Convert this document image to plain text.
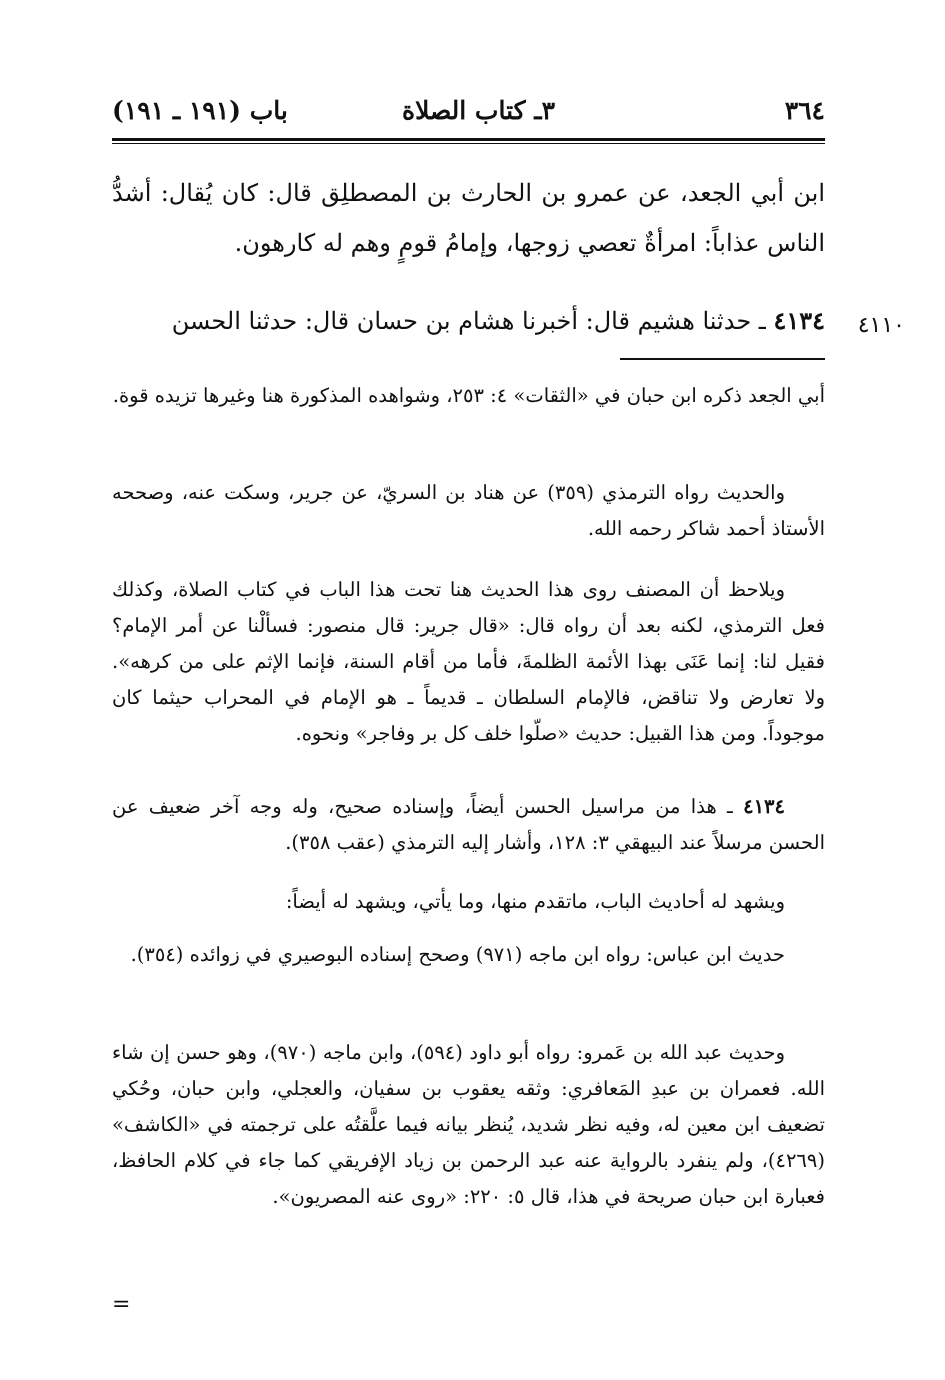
٣٦٤
٣ـ كتاب الصلاة
باب (١٩١ ـ ١٩١)
ابن أبي الجعد، عن عمرو بن الحارث بن المصطلِق قال: كان يُقال: أشدُّ الناس عذاباً: امرأةٌ تعصي زوجها، وإمامُ قومٍ وهم له كارهون.
٤١٣٤ ـ حدثنا هشيم قال: أخبرنا هشام بن حسان قال: حدثنا الحسن	٤١١٠
أبي الجعد ذكره ابن حبان في «الثقات» ٤: ٢٥٣، وشواهده المذكورة هنا وغيرها تزيده قوة.
والحديث رواه الترمذي (٣٥٩) عن هناد بن السريّ، عن جرير، وسكت عنه، وصححه الأستاذ أحمد شاكر رحمه الله.
ويلاحظ أن المصنف روى هذا الحديث هنا تحت هذا الباب في كتاب الصلاة، وكذلك فعل الترمذي، لكنه بعد أن رواه قال: «قال جرير: قال منصور: فسألْنا عن أمر الإمام؟ فقيل لنا: إنما عَنَى بهذا الأئمة الظلمةَ، فأما من أقام السنة، فإنما الإثم على من كرهه». ولا تعارض ولا تناقض، فالإمام السلطان ـ قديماً ـ هو الإمام في المحراب حيثما كان موجوداً. ومن هذا القبيل: حديث «صلّوا خلف كل بر وفاجر» ونحوه.
٤١٣٤ ـ هذا من مراسيل الحسن أيضاً، وإسناده صحيح، وله وجه آخر ضعيف عن الحسن مرسلاً عند البيهقي ٣: ١٢٨، وأشار إليه الترمذي (عقب ٣٥٨).
ويشهد له أحاديث الباب، ماتقدم منها، وما يأتي، ويشهد له أيضاً:
حديث ابن عباس: رواه ابن ماجه (٩٧١) وصحح إسناده البوصيري في زوائده (٣٥٤).
وحديث عبد الله بن عَمرو: رواه أبو داود (٥٩٤)، وابن ماجه (٩٧٠)، وهو حسن إن شاء الله. فعمران بن عبدِ المَعافري: وثقه يعقوب بن سفيان، والعجلي، وابن حبان، وحُكي تضعيف ابن معين له، وفيه نظر شديد، يُنظر بيانه فيما علَّقتُه على ترجمته في «الكاشف» (٤٢٦٩)، ولم ينفرد بالرواية عنه عبد الرحمن بن زياد الإفريقي كما جاء في كلام الحافظ، فعبارة ابن حبان صريحة في هذا، قال ٥: ٢٢٠: «روى عنه المصريون».
=
